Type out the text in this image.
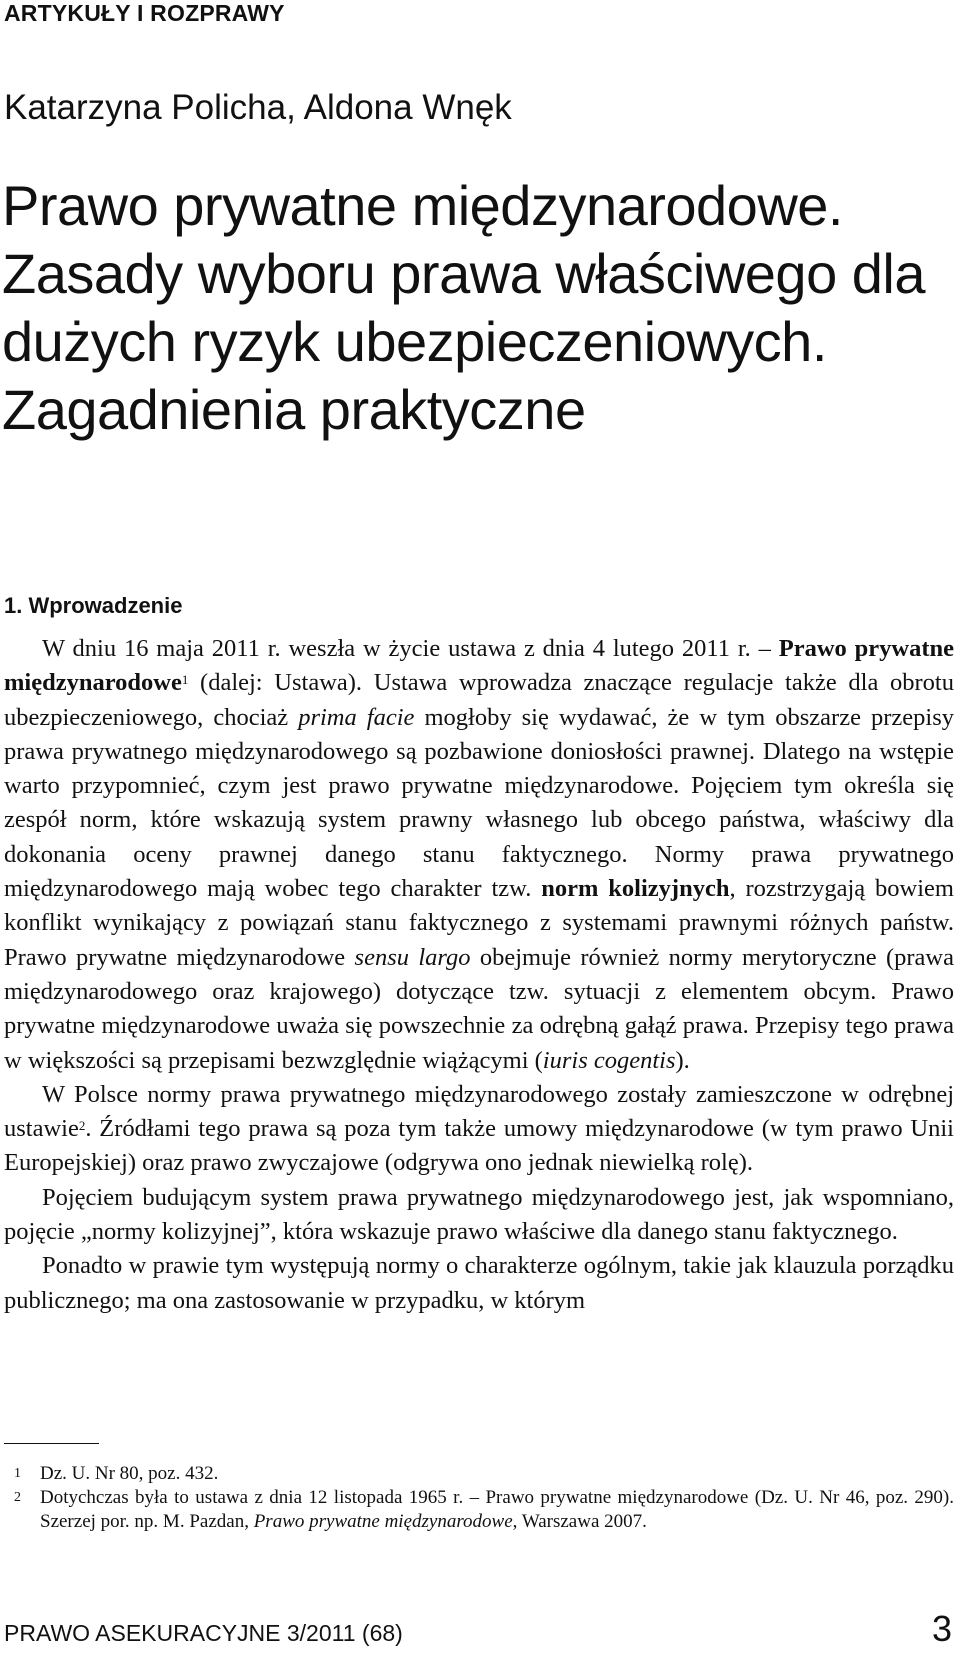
ARTYKUŁY I ROZPRAWY
Katarzyna Policha, Aldona Wnęk
Prawo prywatne międzynarodowe. Zasady wyboru prawa właściwego dla dużych ryzyk ubezpieczeniowych. Zagadnienia praktyczne
1. Wprowadzenie

W dniu 16 maja 2011 r. weszła w życie ustawa z dnia 4 lutego 2011 r. – Prawo prywatne międzynarodowe$^1$ (dalej: Ustawa). Ustawa wprowadza znaczące regulacje także dla obrotu ubezpieczeniowego, chociaż prima facie mogłoby się wydawać, że w tym obszarze przepisy prawa prywatnego międzynarodowego są pozbawione doniosłości prawnej. Dlatego na wstępie warto przypomnieć, czym jest prawo prywatne międzynarodowe. Pojęciem tym określa się zespół norm, które wskazują system prawny własnego lub obcego państwa, właściwy dla dokonania oceny prawnej danego stanu faktycznego. Normy prawa prywatnego międzynarodowego mają wobec tego charakter tzw. norm kolizyjnych, rozstrzygają bowiem konflikt wynikający z powiązań stanu faktycznego z systemami prawnymi różnych państw. Prawo prywatne międzynarodowe sensu largo obejmuje również normy merytoryczne (prawa międzynarodowego oraz krajowego) dotyczące tzw. sytuacji z elementem obcym. Prawo prywatne międzynarodowe uważa się powszechnie za odrębną gałąź prawa. Przepisy tego prawa w większości są przepisami bezwzględnie wiążącymi (iuris cogentis).

W Polsce normy prawa prywatnego międzynarodowego zostały zamieszczone w odrębnej ustawie$^2$. Źródłami tego prawa są poza tym także umowy międzynarodowe (w tym prawo Unii Europejskiej) oraz prawo zwyczajowe (odgrywa ono jednak niewielką rolę).

Pojęciem budującym system prawa prywatnego międzynarodowego jest, jak wspomniano, pojęcie „normy kolizyjnej”, która wskazuje prawo właściwe dla danego stanu faktycznego.

Ponadto w prawie tym występują normy o charakterze ogólnym, takie jak klauzula porządku publicznego; ma ona zastosowanie w przypadku, w którym

1	Dz. U. Nr 80, poz. 432.
2	Dotychczas była to ustawa z dnia 12 listopada 1965 r. – Prawo prywatne międzynarodowe (Dz. U. Nr 46, poz. 290). Szerzej por. np. M. Pazdan, Prawo prywatne międzynarodowe, Warszawa 2007.
PRAWO ASEKURACYJNE 3/2011 (68)	3
